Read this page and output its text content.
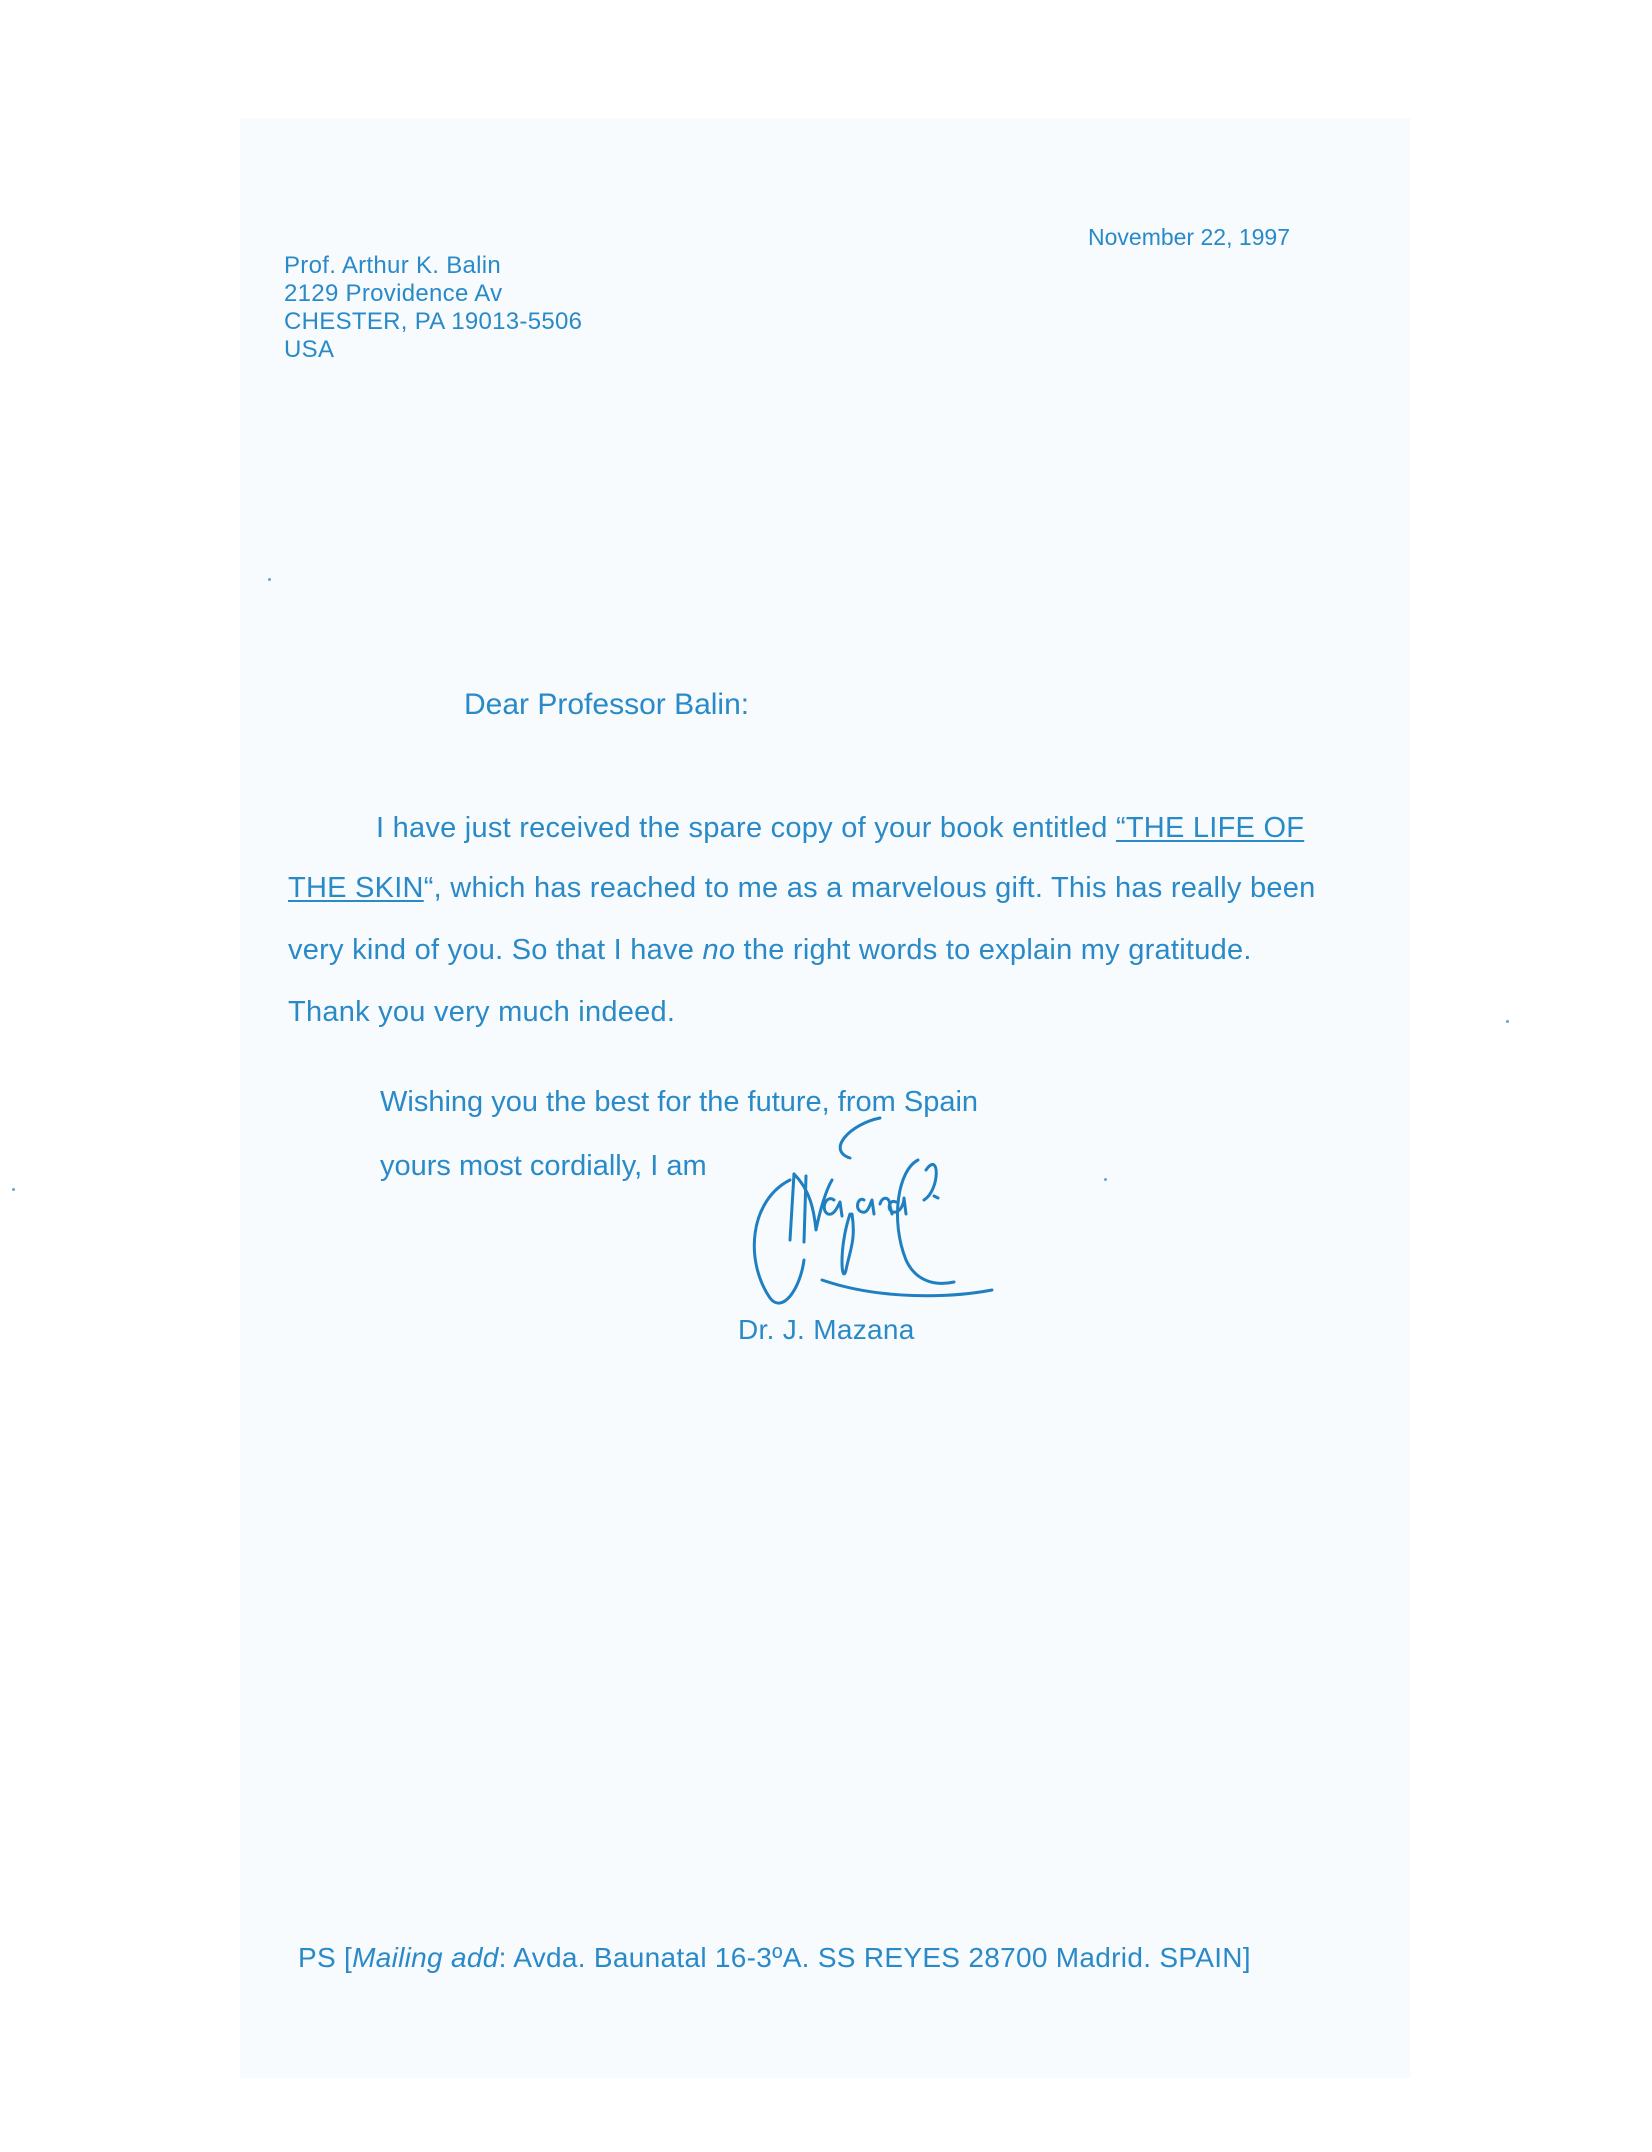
November 22, 1997
Prof. Arthur K. Balin
2129 Providence Av
CHESTER, PA 19013-5506
USA
Dear Professor Balin:
I have just received the spare copy of your book entitled “THE LIFE OF
THE SKIN“, which has reached to me as a marvelous gift. This has really been
very kind of you. So that I have no the right words to explain my gratitude.
Thank you very much indeed.
Wishing you the best for the future, from Spain
yours most cordially, I am
Dr. J. Mazana
PS [Mailing add: Avda. Baunatal 16-3ºA. SS REYES 28700 Madrid. SPAIN]
